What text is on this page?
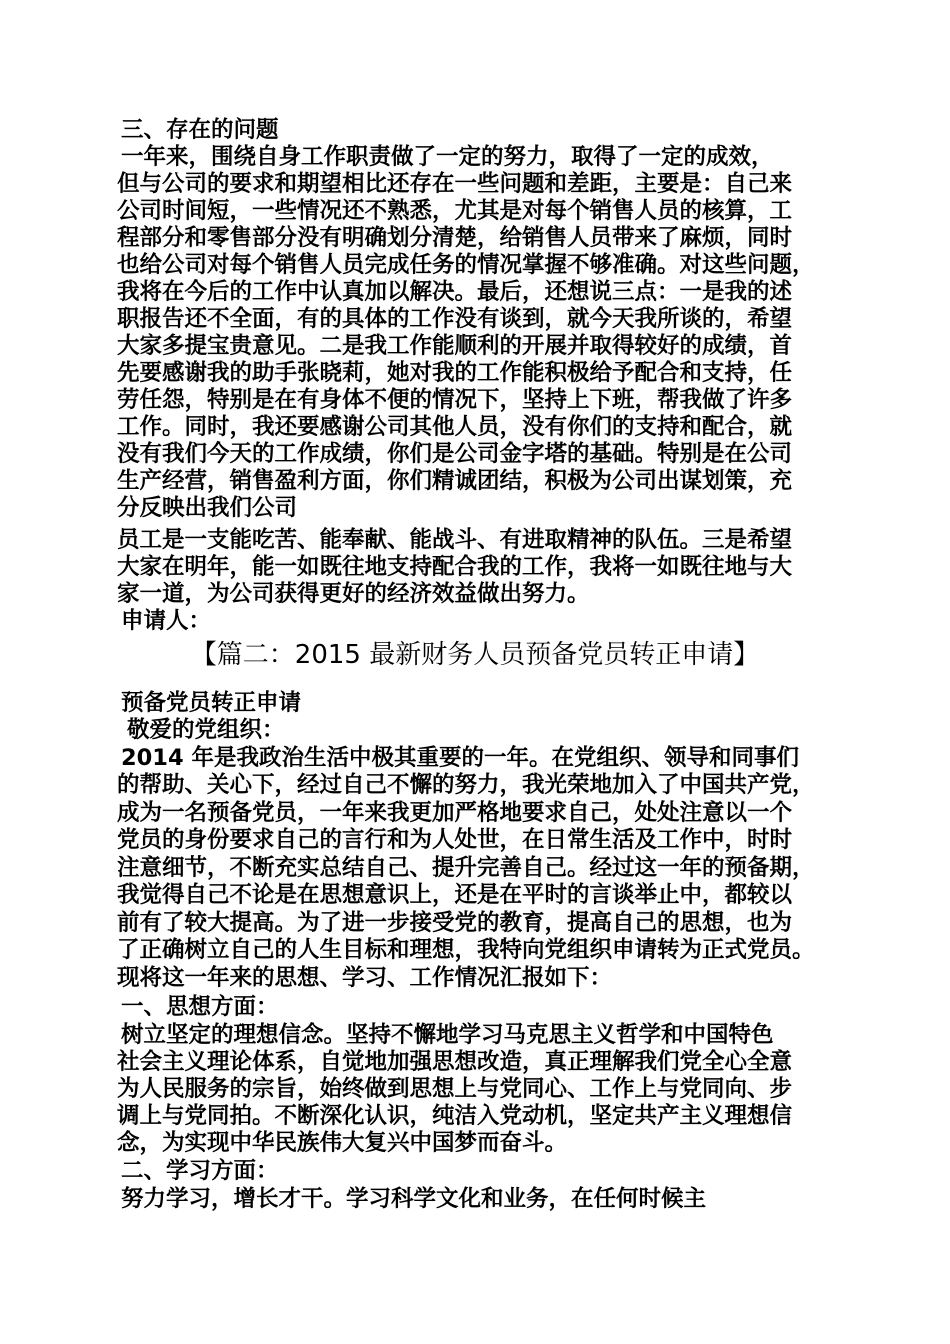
三、存在的问题
一年来，围绕自身工作职责做了一定的努力，取得了一定的成效，
但与公司的要求和期望相比还存在一些问题和差距，主要是：自己来
公司时间短，一些情况还不熟悉，尤其是对每个销售人员的核算，工
程部分和零售部分没有明确划分清楚，给销售人员带来了麻烦，同时
也给公司对每个销售人员完成任务的情况掌握不够准确。对这些问题，
我将在今后的工作中认真加以解决。最后，还想说三点：一是我的述
职报告还不全面，有的具体的工作没有谈到，就今天我所谈的，希望
大家多提宝贵意见。二是我工作能顺利的开展并取得较好的成绩，首
先要感谢我的助手张晓莉，她对我的工作能积极给予配合和支持，任
劳任怨，特别是在有身体不便的情况下，坚持上下班，帮我做了许多
工作。同时，我还要感谢公司其他人员，没有你们的支持和配合，就
没有我们今天的工作成绩，你们是公司金字塔的基础。特别是在公司
生产经营，销售盈利方面，你们精诚团结，积极为公司出谋划策，充
分反映出我们公司
员工是一支能吃苦、能奉献、能战斗、有进取精神的队伍。三是希望
大家在明年，能一如既往地支持配合我的工作，我将一如既往地与大
家一道，为公司获得更好的经济效益做出努力。
申请人：
【篇二：2015 最新财务人员预备党员转正申请】
预备党员转正申请
敬爱的党组织：
2014 年是我政治生活中极其重要的一年。在党组织、领导和同事们
的帮助、关心下，经过自己不懈的努力，我光荣地加入了中国共产党，
成为一名预备党员，一年来我更加严格地要求自己，处处注意以一个
党员的身份要求自己的言行和为人处世，在日常生活及工作中，时时
注意细节，不断充实总结自己、提升完善自己。经过这一年的预备期，
我觉得自己不论是在思想意识上，还是在平时的言谈举止中，都较以
前有了较大提高。为了进一步接受党的教育，提高自己的思想，也为
了正确树立自己的人生目标和理想，我特向党组织申请转为正式党员。
现将这一年来的思想、学习、工作情况汇报如下：
一、思想方面：
树立坚定的理想信念。坚持不懈地学习马克思主义哲学和中国特色
社会主义理论体系，自觉地加强思想改造，真正理解我们党全心全意
为人民服务的宗旨，始终做到思想上与党同心、工作上与党同向、步
调上与党同拍。不断深化认识，纯洁入党动机，坚定共产主义理想信
念，为实现中华民族伟大复兴中国梦而奋斗。
二、学习方面：
努力学习，增长才干。学习科学文化和业务，在任何时候主
